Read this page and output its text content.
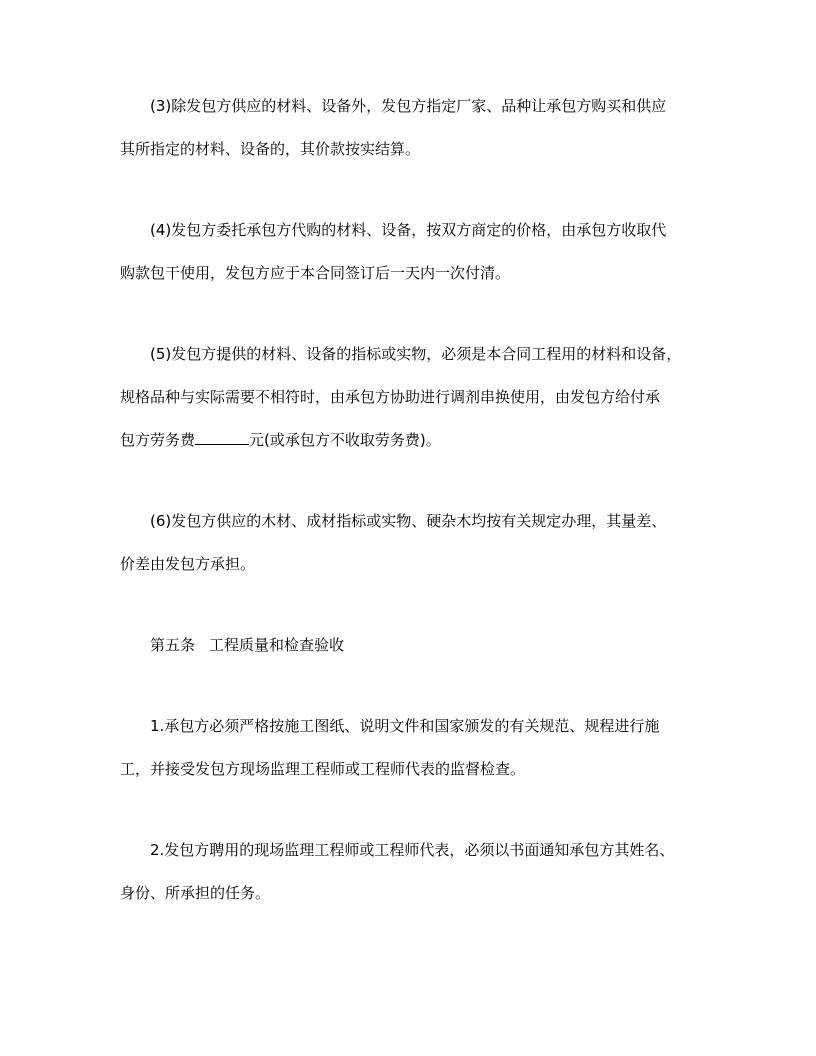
(3)除发包方供应的材料、设备外，发包方指定厂家、品种让承包方购买和供应
其所指定的材料、设备的，其价款按实结算。
(4)发包方委托承包方代购的材料、设备，按双方商定的价格，由承包方收取代
购款包干使用，发包方应于本合同签订后一天内一次付清。
(5)发包方提供的材料、设备的指标或实物，必须是本合同工程用的材料和设备，
规格品种与实际需要不相符时，由承包方协助进行调剂串换使用，由发包方给付承
包方劳务费	元(或承包方不收取劳务费)。
(6)发包方供应的木材、成材指标或实物、硬杂木均按有关规定办理，其量差、
价差由发包方承担。
第五条 工程质量和检查验收
1.承包方必须严格按施工图纸、说明文件和国家颁发的有关规范、规程进行施
工，并接受发包方现场监理工程师或工程师代表的监督检查。
2.发包方聘用的现场监理工程师或工程师代表，必须以书面通知承包方其姓名、
身份、所承担的任务。
